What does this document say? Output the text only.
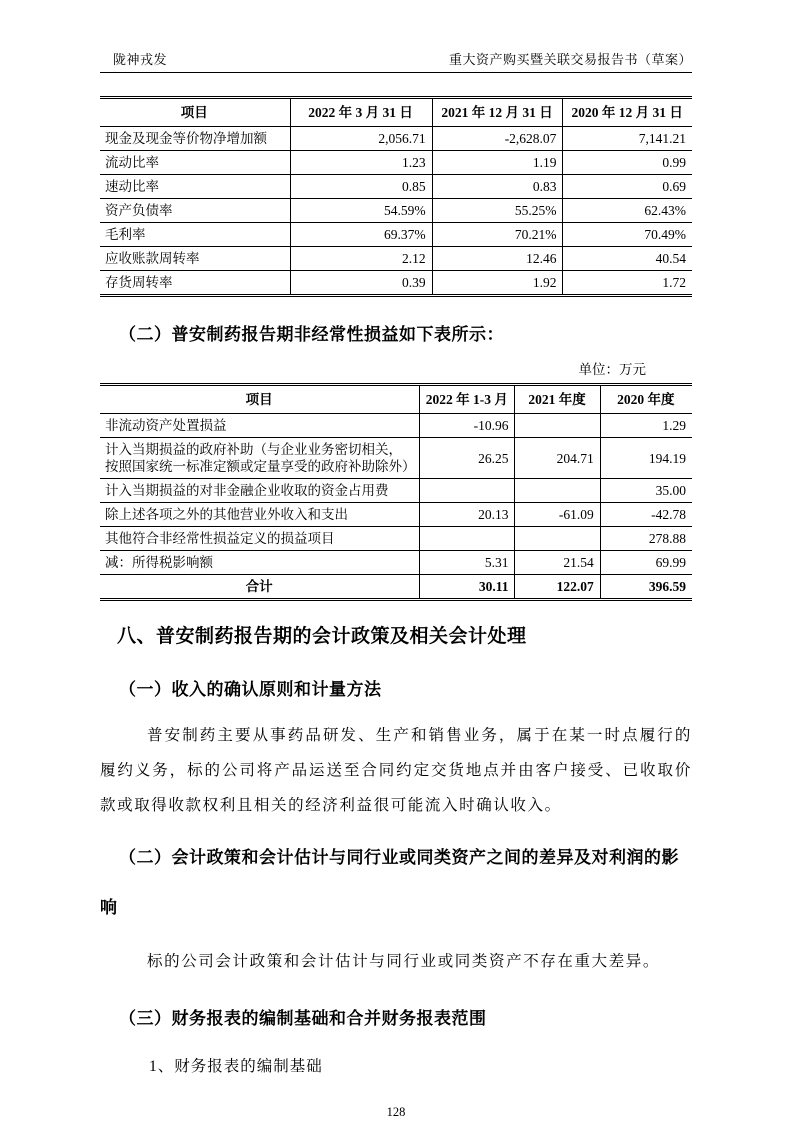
陇神戎发	重大资产购买暨关联交易报告书（草案）
项目	2022 年 3 月 31 日	2021 年 12 月 31 日	2020 年 12 月 31 日
现金及现金等价物净增加额	2,056.71	-2,628.07	7,141.21
流动比率	1.23	1.19	0.99
速动比率	0.85	0.83	0.69
资产负债率	54.59%	55.25%	62.43%
毛利率	69.37%	70.21%	70.49%
应收账款周转率	2.12	12.46	40.54
存货周转率	0.39	1.92	1.72
（二）普安制药报告期非经常性损益如下表所示：
单位：万元
项目	2022 年 1-3 月	2021 年度	2020 年度
非流动资产处置损益	-10.96		1.29
计入当期损益的政府补助（与企业业务密切相关，按照国家统一标准定额或定量享受的政府补助除外）	26.25	204.71	194.19
计入当期损益的对非金融企业收取的资金占用费			35.00
除上述各项之外的其他营业外收入和支出	20.13	-61.09	-42.78
其他符合非经常性损益定义的损益项目			278.88
减：所得税影响额	5.31	21.54	69.99
合计	30.11	122.07	396.59
八、普安制药报告期的会计政策及相关会计处理
（一）收入的确认原则和计量方法

普安制药主要从事药品研发、生产和销售业务，属于在某一时点履行的履约义务，标的公司将产品运送至合同约定交货地点并由客户接受、已收取价款或取得收款权利且相关的经济利益很可能流入时确认收入。

（二）会计政策和会计估计与同行业或同类资产之间的差异及对利润的影响

标的公司会计政策和会计估计与同行业或同类资产不存在重大差异。

（三）财务报表的编制基础和合并财务报表范围
1、财务报表的编制基础
128
